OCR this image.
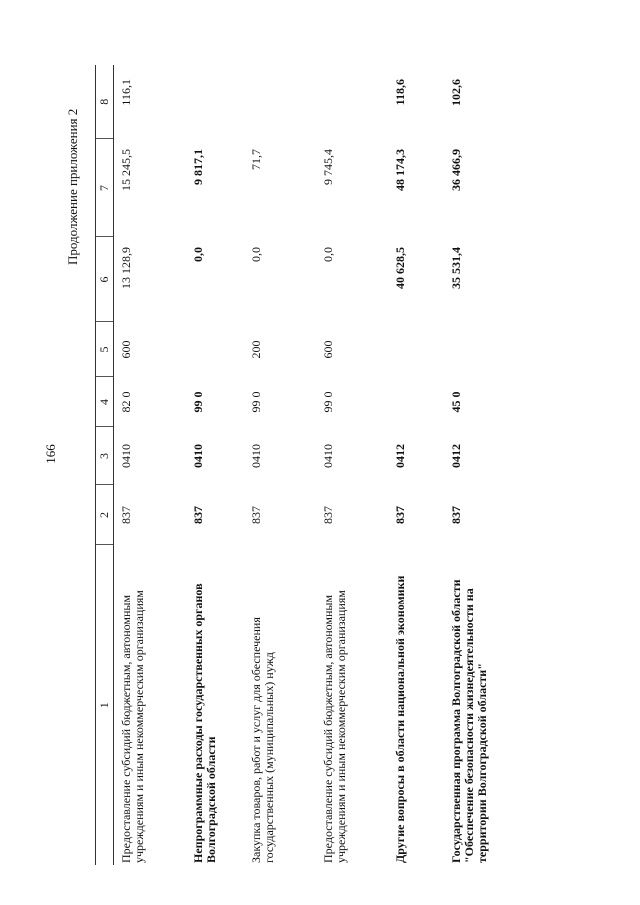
166
Продолжение приложения 2
1	2	3	4	5	6	7	8
Предоставление субсидий бюджетным, автономным учреждениям и иным некоммерческим организациям	837	0410	82 0	600	13 128,9	15 245,5	116,1
Непрограммные расходы государственных органов Волгоградской области	837	0410	99 0		0,0	9 817,1	
Закупка товаров, работ и услуг для обеспечения государственных (муниципальных) нужд	837	0410	99 0	200	0,0	71,7	
Предоставление субсидий бюджетным, автономным учреждениям и иным некоммерческим организациям	837	0410	99 0	600	0,0	9 745,4	
Другие вопросы в области национальной экономики	837	0412			40 628,5	48 174,3	118,6
Государственная программа Волгоградской области "Обеспечение безопасности жизнедеятельности на территории Волгоградской области"	837	0412	45 0		35 531,4	36 466,9	102,6
